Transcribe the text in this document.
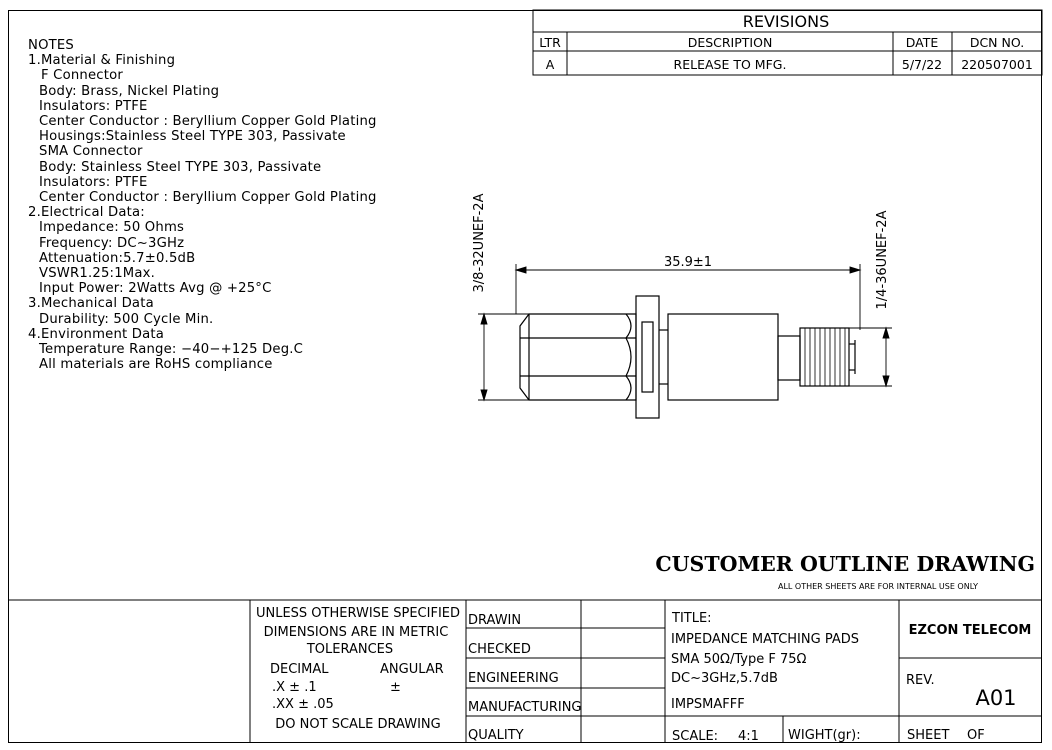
NOTES
1.Material & Finishing
F Connector
Body: Brass, Nickel Plating
Insulators: PTFE
Center Conductor : Beryllium Copper Gold Plating
Housings:Stainless Steel TYPE 303, Passivate
SMA Connector
Body: Stainless Steel TYPE 303, Passivate
Insulators: PTFE
Center Conductor : Beryllium Copper Gold Plating
2.Electrical Data:
Impedance: 50 Ohms
Frequency: DC~3GHz
Attenuation:5.7±0.5dB
VSWR1.25:1Max.
Input Power: 2Watts Avg @ +25°C
3.Mechanical Data
Durability: 500 Cycle Min.
4.Environment Data
Temperature Range: −40−+125 Deg.C
All materials are RoHS compliance
REVISIONS
LTR	DESCRIPTION	DATE	DCN NO.
A	RELEASE TO MFG.	5/7/22 220507001
35.9±1
3/8-32UNEF-2A	1/4-36UNEF-2A
CUSTOMER OUTLINE DRAWING
ALL OTHER SHEETS ARE FOR INTERNAL USE ONLY
UNLESS OTHERWISE SPECIFIED
DIMENSIONS ARE IN METRIC
TOLERANCES
DECIMAL	ANGULAR
.X ± .1	±
.XX ± .05
DO NOT SCALE DRAWING
DRAWIN
CHECKED
ENGINEERING
MANUFACTURING
QUALITY
TITLE:
IMPEDANCE MATCHING PADS
SMA 50Ω/Type F 75Ω
DC~3GHz,5.7dB
IMPSMAFFF
SCALE: 4:1 WIGHT(gr):
EZCON TELECOM
REV.
A01
SHEET OF
